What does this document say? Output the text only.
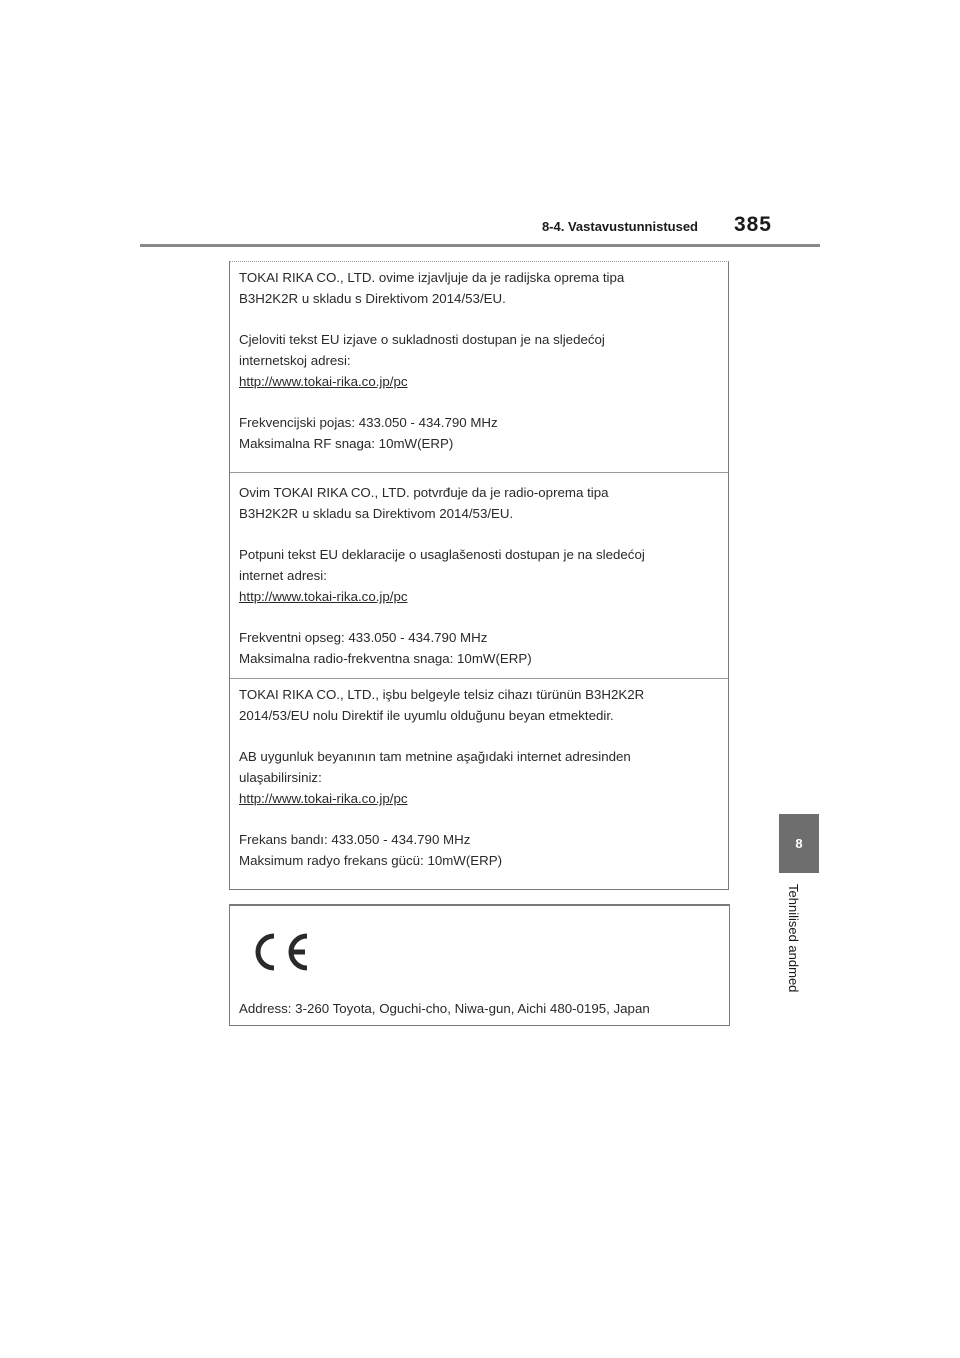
8-4. Vastavustunnistused 385
8
Tehnilised andmed

TOKAI RIKA CO., LTD. ovime izjavljuje da je radijska oprema tipa

B3H2K2R u skladu s Direktivom 2014/53/EU.

Cjeloviti tekst EU izjave o sukladnosti dostupan je na sljedećoj

internetskoj adresi:

http://www.tokai-rika.co.jp/pc

Frekvencijski pojas: 433.050 - 434.790 MHz

Maksimalna RF snaga: 10mW(ERP)

Ovim TOKAI RIKA CO., LTD. potvrđuje da je radio-oprema tipa

B3H2K2R u skladu sa Direktivom 2014/53/EU.

Potpuni tekst EU deklaracije o usaglašenosti dostupan je na sledećoj

internet adresi:

http://www.tokai-rika.co.jp/pc

Frekventni opseg: 433.050 - 434.790 MHz

Maksimalna radio-frekventna snaga: 10mW(ERP)

TOKAI RIKA CO., LTD., işbu belgeyle telsiz cihazı türünün B3H2K2R

2014/53/EU nolu Direktif ile uyumlu olduğunu beyan etmektedir.

AB uygunluk beyanının tam metnine aşağıdaki internet adresinden

ulaşabilirsiniz:

http://www.tokai-rika.co.jp/pc

Frekans bandı: 433.050 - 434.790 MHz

Maksimum radyo frekans gücü: 10mW(ERP)

Address: 3-260 Toyota, Oguchi-cho, Niwa-gun, Aichi 480-0195, Japan
